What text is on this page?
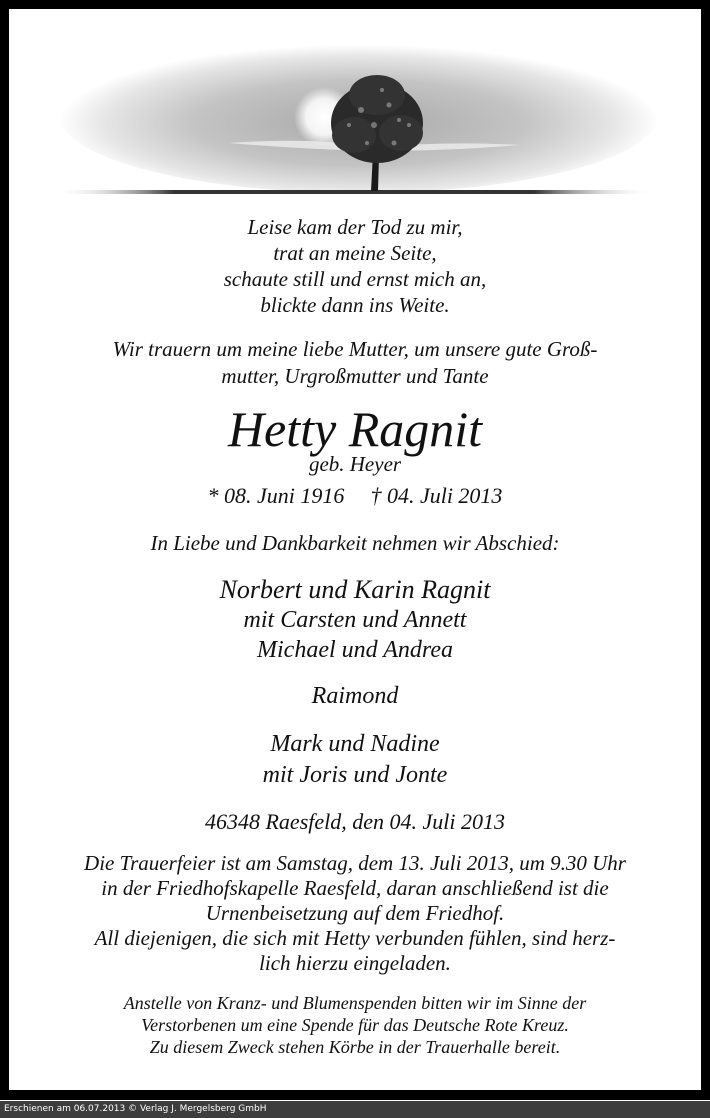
Leise kam der Tod zu mir,
trat an meine Seite,
schaute still und ernst mich an,
blickte dann ins Weite.
Wir trauern um meine liebe Mutter, um unsere gute Groß-
mutter, Urgroßmutter und Tante
Hetty Ragnit
geb. Heyer
* 08. Juni 1916 † 04. Juli 2013
In Liebe und Dankbarkeit nehmen wir Abschied:
Norbert und Karin Ragnit
mit Carsten und Annett
Michael und Andrea
Raimond
Mark und Nadine
mit Joris und Jonte
46348 Raesfeld, den 04. Juli 2013
Die Trauerfeier ist am Samstag, dem 13. Juli 2013, um 9.30 Uhr
in der Friedhofskapelle Raesfeld, daran anschließend ist die
Urnenbeisetzung auf dem Friedhof.
All diejenigen, die sich mit Hetty verbunden fühlen, sind herz-
lich hierzu eingeladen.
Anstelle von Kranz- und Blumenspenden bitten wir im Sinne der
Verstorbenen um eine Spende für das Deutsche Rote Kreuz.
Zu diesem Zweck stehen Körbe in der Trauerhalle bereit.
Erschienen am 06.07.2013 © Verlag J. Mergelsberg GmbH
